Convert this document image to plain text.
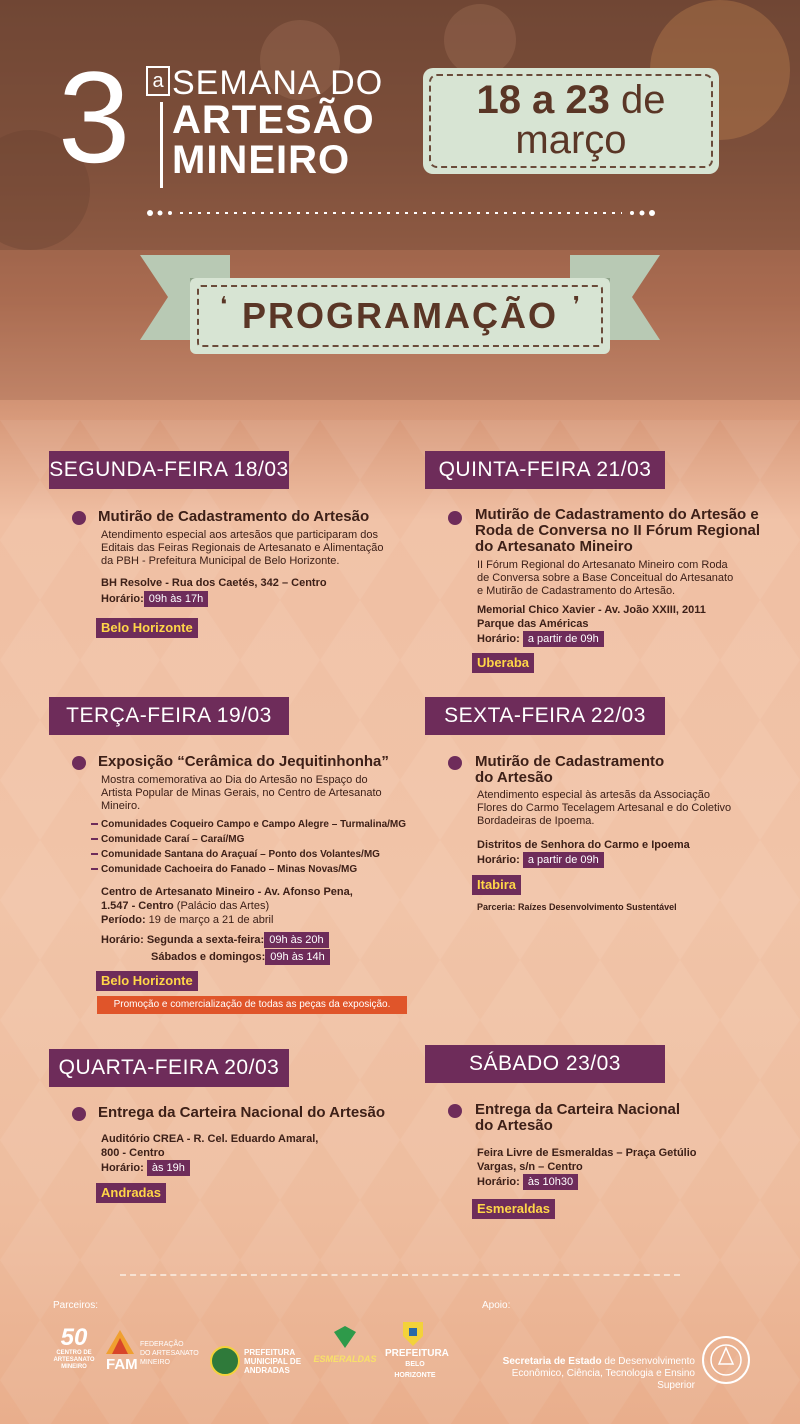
3	a SEMANA DO
ARTESÃO
MINEIRO
18 a 23 de
março
❛ PROGRAMAÇÃO ❜
SEGUNDA-FEIRA 18/03
Mutirão de Cadastramento do Artesão
Atendimento especial aos artesãos que participaram dos
Editais das Feiras Regionais de Artesanato e Alimentação
da PBH - Prefeitura Municipal de Belo Horizonte.
BH Resolve - Rua dos Caetés, 342 – Centro
Horário: 09h às 17h
Belo Horizonte
TERÇA-FEIRA 19/03
Exposição “Cerâmica do Jequitinhonha”
Mostra comemorativa ao Dia do Artesão no Espaço do
Artista Popular de Minas Gerais, no Centro de Artesanato
Mineiro.
Comunidades Coqueiro Campo e Campo Alegre – Turmalina/MG
Comunidade Caraí – Caraí/MG
Comunidade Santana do Araçuaí – Ponto dos Volantes/MG
Comunidade Cachoeira do Fanado – Minas Novas/MG
Centro de Artesanato Mineiro - Av. Afonso Pena,
1.547 - Centro (Palácio das Artes)
Período: 19 de março a 21 de abril
Horário: Segunda a sexta-feira: 09h às 20h
Sábados e domingos: 09h às 14h
Belo Horizonte
Promoção e comercialização de todas as peças da exposição.
QUARTA-FEIRA 20/03
Entrega da Carteira Nacional do Artesão
Auditório CREA - R. Cel. Eduardo Amaral,
800 - Centro
Horário: às 19h
Andradas
QUINTA-FEIRA 21/03
Mutirão de Cadastramento do Artesão e
Roda de Conversa no II Fórum Regional
do Artesanato Mineiro
II Fórum Regional do Artesanato Mineiro com Roda
de Conversa sobre a Base Conceitual do Artesanato
e Mutirão de Cadastramento do Artesão.
Memorial Chico Xavier - Av. João XXIII, 2011
Parque das Américas
Horário: a partir de 09h
Uberaba
SEXTA-FEIRA 22/03
Mutirão de Cadastramento
do Artesão
Atendimento especial às artesãs da Associação
Flores do Carmo Tecelagem Artesanal e do Coletivo
Bordadeiras de Ipoema.
Distritos de Senhora do Carmo e Ipoema
Horário: a partir de 09h
Itabira
Parceria: Raízes Desenvolvimento Sustentável
SÁBADO 23/03
Entrega da Carteira Nacional
do Artesão
Feira Livre de Esmeraldas – Praça Getúlio
Vargas, s/n – Centro
Horário: às 10h30
Esmeraldas
Parceiros:	Apoio:
50
CENTRO DE ARTESANATO MINEIRO	FAM
FEDERAÇÃO
DO ARTESANATO
MINEIRO
PREFEITURA
MUNICIPAL DE
ANDRADAS
ESMERALDAS PREFEITURA
BELO HORIZONTE
Secretaria de Estado de Desenvolvimento
Econômico, Ciência, Tecnologia e Ensino Superior
